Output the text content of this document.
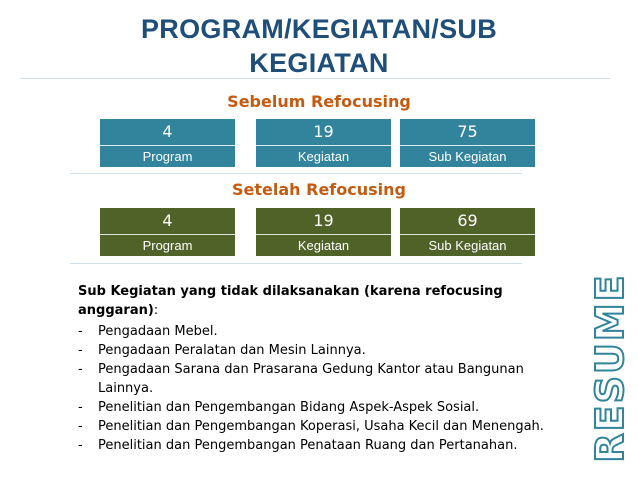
PROGRAM/KEGIATAN/SUB
KEGIATAN
Sebelum Refocusing
4
Program
19
Kegiatan
75
Sub Kegiatan
Setelah Refocusing
4
Program
19
Kegiatan
69
Sub Kegiatan
Sub Kegiatan yang tidak dilaksanakan (karena refocusing anggaran):
- Pengadaan Mebel.
- Pengadaan Peralatan dan Mesin Lainnya.
- Pengadaan Sarana dan Prasarana Gedung Kantor atau Bangunan Lainnya.
- Penelitian dan Pengembangan Bidang Aspek-Aspek Sosial.
- Penelitian dan Pengembangan Koperasi, Usaha Kecil dan Menengah.
- Penelitian dan Pengembangan Penataan Ruang dan Pertanahan.	RESUME
